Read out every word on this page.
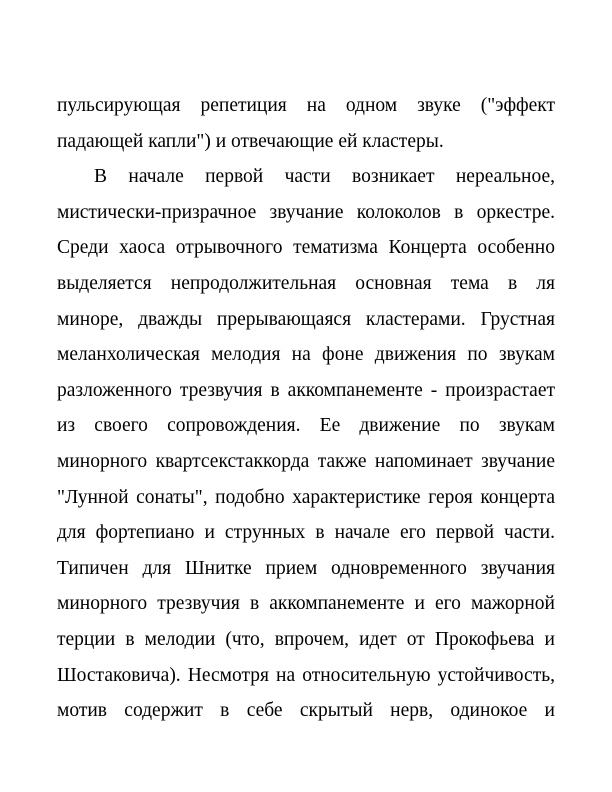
пульсирующая репетиция на одном звуке ("эффект
падающей капли") и отвечающие ей кластеры.
В начале первой части возникает нереальное,
мистически-призрачное звучание колоколов в оркестре.
Среди хаоса отрывочного тематизма Концерта особенно
выделяется непродолжительная основная тема в ля
миноре, дважды прерывающаяся кластерами. Грустная
меланхолическая мелодия на фоне движения по звукам
разложенного трезвучия в аккомпанементе - произрастает
из своего сопровождения. Ее движение по звукам
минорного квартсекстаккорда также напоминает звучание
"Лунной сонаты", подобно характеристике героя концерта
для фортепиано и струнных в начале его первой части.
Типичен для Шнитке прием одновременного звучания
минорного трезвучия в аккомпанементе и его мажорной
терции в мелодии (что, впрочем, идет от Прокофьева и
Шостаковича). Несмотря на относительную устойчивость,
мотив содержит в себе скрытый нерв, одинокое и
